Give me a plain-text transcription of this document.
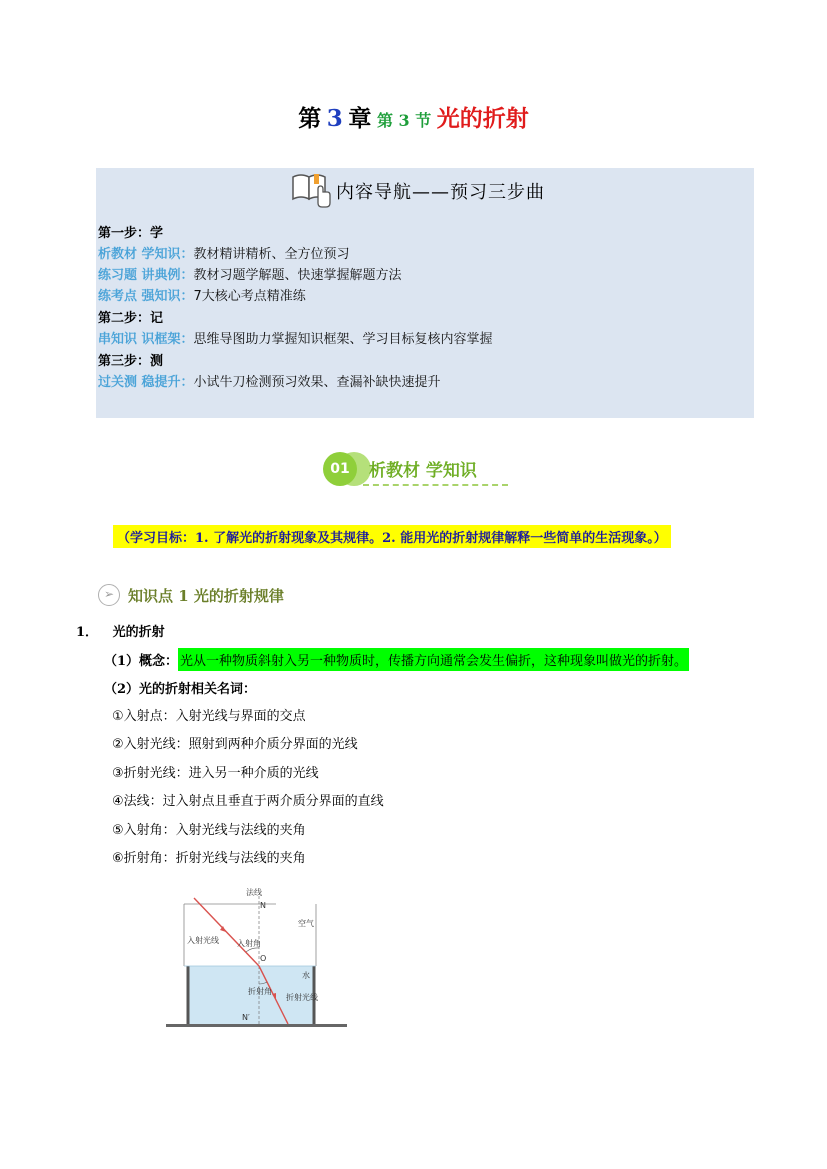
第 3 章 第 3 节 光的折射
内容导航——预习三步曲
第一步：学
析教材 学知识：教材精讲精析、全方位预习
练习题 讲典例：教材习题学解题、快速掌握解题方法
练考点 强知识：7大核心考点精准练
第二步：记
串知识 识框架：思维导图助力掌握知识框架、学习目标复核内容掌握
第三步：测
过关测 稳提升：小试牛刀检测预习效果、查漏补缺快速提升
01	析教材 学知识
（学习目标：1. 了解光的折射现象及其规律。2. 能用光的折射规律解释一些简单的生活现象。）
➢ 知识点 1 光的折射规律
1． 光的折射
（1）概念： 光从一种物质斜射入另一种物质时，传播方向通常会发生偏折，这种现象叫做光的折射。
（2）光的折射相关名词：
①入射点：入射光线与界面的交点
②入射光线：照射到两种介质分界面的光线
③折射光线：进入另一种介质的光线
④法线：过入射点且垂直于两介质分界面的直线
⑤入射角：入射光线与法线的夹角
⑥折射角：折射光线与法线的夹角
法线
N
空气
入射光线 入射角
O
水
折射角
折射光线
N′
